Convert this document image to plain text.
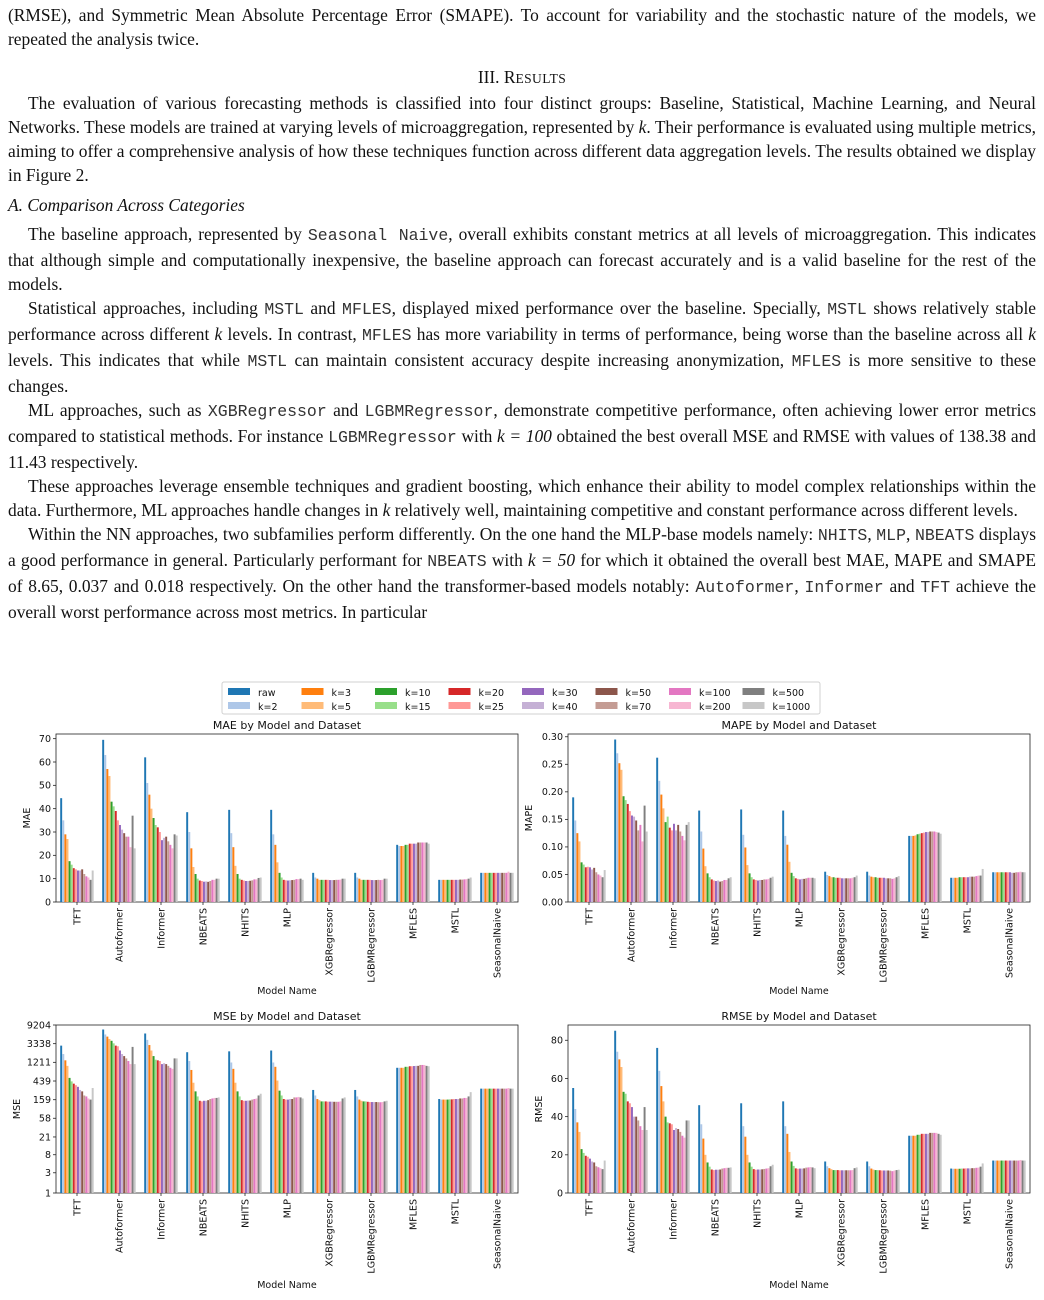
(RMSE), and Symmetric Mean Absolute Percentage Error (SMAPE). To account for variability and the stochastic nature of the models, we repeated the analysis twice.

III. RESULTS

The evaluation of various forecasting methods is classified into four distinct groups: Baseline, Statistical, Machine Learning, and Neural Networks. These models are trained at varying levels of microaggregation, represented by k. Their performance is evaluated using multiple metrics, aiming to offer a comprehensive analysis of how these techniques function across different data aggregation levels. The results obtained we display in Figure 2.

A. Comparison Across Categories

The baseline approach, represented by Seasonal Naive, overall exhibits constant metrics at all levels of microaggregation. This indicates that although simple and computationally inexpensive, the baseline approach can forecast accurately and is a valid baseline for the rest of the models.

Statistical approaches, including MSTL and MFLES, displayed mixed performance over the baseline. Specially, MSTL shows relatively stable performance across different k levels. In contrast, MFLES has more variability in terms of performance, being worse than the baseline across all k levels. This indicates that while MSTL can maintain consistent accuracy despite increasing anonymization, MFLES is more sensitive to these changes.

ML approaches, such as XGBRegressor and LGBMRegressor, demonstrate competitive performance, often achieving lower error metrics compared to statistical methods. For instance LGBMRegressor with k = 100 obtained the best overall MSE and RMSE with values of 138.38 and 11.43 respectively.

These approaches leverage ensemble techniques and gradient boosting, which enhance their ability to model complex relationships within the data. Furthermore, ML approaches handle changes in k relatively well, maintaining competitive and constant performance across different levels.

Within the NN approaches, two subfamilies perform differently. On the one hand the MLP-base models namely: NHITS, MLP, NBEATS displays a good performance in general. Particularly performant for NBEATS with k = 50 for which it obtained the overall best MAE, MAPE and SMAPE of 8.65, 0.037 and 0.018 respectively. On the other hand the transformer-based models notably: Autoformer, Informer and TFT achieve the overall worst performance across most metrics. In particular

raw
k=2
k=3
k=5
k=10
k=15
k=20
k=25
k=30
k=40
k=50
k=70
k=100
k=200
k=500
k=1000
MAE by Model and Dataset
0
10
20
30
40
50
60
70
MAE
TFT	Autoformer	Informer	NBEATS	NHITS	MLP	XGBRegressor	LGBMRegressor	MFLES	MSTL	SeasonalNaive
Model Name
MAPE by Model and Dataset
0.00
0.05
0.10
0.15
0.20
0.25
0.30
MAPE
TFT	Autoformer	Informer	NBEATS	NHITS	MLP	XGBRegressor	LGBMRegressor	MFLES	MSTL	SeasonalNaive
Model Name
MSE by Model and Dataset
1
3
8
21
58
159
439
1211
3338
9204
MSE
TFT	Autoformer	Informer	NBEATS	NHITS	MLP	XGBRegressor	LGBMRegressor	MFLES	MSTL	SeasonalNaive
Model Name
RMSE by Model and Dataset
0
20
40
60
80
RMSE
TFT	Autoformer	Informer	NBEATS	NHITS	MLP	XGBRegressor	LGBMRegressor	MFLES	MSTL	SeasonalNaive
Model Name
